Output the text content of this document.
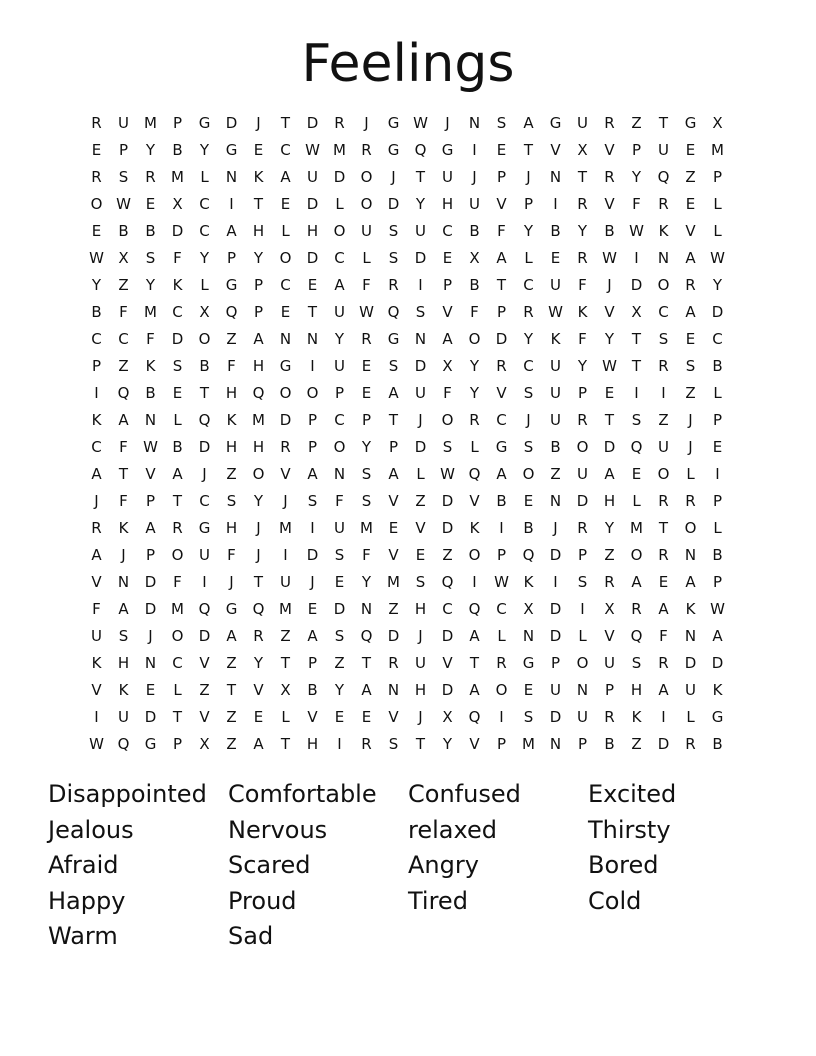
Feelings
R	U	M	P	G	D	J	T	D	R	J	G W	J	N	S	A	G	U	R	Z	T	G	X
E	P	Y	B	Y	G	E	C W M	R	G	Q	G	I	E	T	V	X	V	P	U	E	M
R	S	R	M	L	N	K	A	U	D	O	J	T	U	J	P	J	N	T	R	Y	Q	Z	P
O W E	X	C	I	T	E	D	L	O	D	Y	H	U	V	P	I	R	V	F	R	E	L
E	B	B	D	C	A	H	L	H	O	U	S	U	C	B	F	Y	B	Y	B W K	V	L
W X	S	F	Y	P	Y	O	D	C	L	S	D	E	X	A	L	E	R W	I	N	A W
Y	Z	Y	K	L	G	P	C	E	A	F	R	I	P	B	T	C	U	F	J	D	O	R	Y
B	F	M	C	X	Q	P	E	T	U W Q	S	V	F	P	R W K	V	X	C	A	D
C	C	F	D	O	Z	A	N	N	Y	R	G	N	A	O	D	Y	K	F	Y	T	S	E	C
P	Z	K	S	B	F	H	G	I	U	E	S	D	X	Y	R	C	U	Y	W T	R	S	B
I	Q	B	E	T	H	Q	O	O	P	E	A	U	F	Y	V	S	U	P	E	I	I	Z	L
K	A	N	L	Q	K	M D	P	C	P	T	J	O	R	C	J	U	R	T	S	Z	J	P
C	F	W B	D	H	H	R	P	O	Y	P	D	S	L	G	S	B	O	D	Q	U	J	E
A	T	V	A	J	Z	O	V	A	N	S	A	L	W Q	A	O	Z	U	A	E	O	L	I
J	F	P	T	C	S	Y	J	S	F	S	V	Z	D	V	B	E	N	D	H	L	R	R	P
R	K	A	R	G	H	J	M	I	U	M	E	V	D	K	I	B	J	R	Y	M	T	O	L
A	J	P	O	U	F	J	I	D	S	F	V	E	Z	O	P	Q	D	P	Z	O	R	N	B
V	N	D	F	I	J	T	U	J	E	Y	M	S	Q	I	W K	I	S	R	A	E	A	P
F	A	D M Q	G	Q M	E	D	N	Z	H	C	Q	C	X	D	I	X	R	A	K W
U	S	J	O	D	A	R	Z	A	S	Q	D	J	D	A	L	N	D	L	V	Q	F	N	A
K	H	N	C	V	Z	Y	T	P	Z	T	R	U	V	T	R	G	P	O	U	S	R	D	D
V	K	E	L	Z	T	V	X	B	Y	A	N	H	D	A	O	E	U	N	P	H	A	U	K
I	U	D	T	V	Z	E	L	V	E	E	V	J	X	Q	I	S	D	U	R	K	I	L	G
W Q	G	P	X	Z	A	T	H	I	R	S	T	Y	V	P	M N	P	B	Z	D	R	B
Disappointed Comfortable	Confused	Excited
Jealous	Nervous	relaxed	Thirsty
Afraid	Scared	Angry	Bored
Happy	Proud	Tired	Cold
Warm	Sad
